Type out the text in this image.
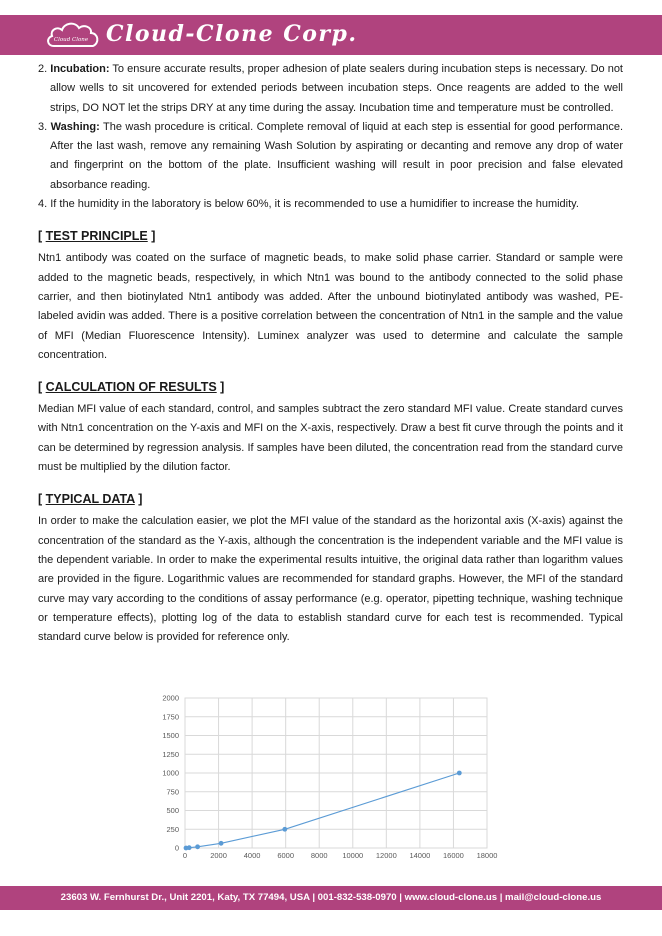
Cloud Clone Cloud-Clone Corp.

2. Incubation: To ensure accurate results, proper adhesion of plate sealers during incubation steps is necessary. Do not allow wells to sit uncovered for extended periods between incubation steps. Once reagents are added to the well strips, DO NOT let the strips DRY at any time during the assay. Incubation time and temperature must be controlled.

3. Washing: The wash procedure is critical. Complete removal of liquid at each step is essential for good performance. After the last wash, remove any remaining Wash Solution by aspirating or decanting and remove any drop of water and fingerprint on the bottom of the plate. Insufficient washing will result in poor precision and false elevated absorbance reading.

4. If the humidity in the laboratory is below 60%, it is recommended to use a humidifier to increase the humidity.

[ TEST PRINCIPLE ]

Ntn1 antibody was coated on the surface of magnetic beads, to make solid phase carrier. Standard or sample were added to the magnetic beads, respectively, in which Ntn1 was bound to the antibody connected to the solid phase carrier, and then biotinylated Ntn1 antibody was added. After the unbound biotinylated antibody was washed, PE-labeled avidin was added. There is a positive correlation between the concentration of Ntn1 in the sample and the value of MFI (Median Fluorescence Intensity). Luminex analyzer was used to determine and calculate the sample concentration.

[ CALCULATION OF RESULTS ]

Median MFI value of each standard, control, and samples subtract the zero standard MFI value. Create standard curves with Ntn1 concentration on the Y-axis and MFI on the X-axis, respectively. Draw a best fit curve through the points and it can be determined by regression analysis. If samples have been diluted, the concentration read from the standard curve must be multiplied by the dilution factor.

[ TYPICAL DATA ]

In order to make the calculation easier, we plot the MFI value of the standard as the horizontal axis (X-axis) against the concentration of the standard as the Y-axis, although the concentration is the independent variable and the MFI value is the dependent variable. In order to make the experimental results intuitive, the original data rather than logarithm values are provided in the figure. Logarithmic values are recommended for standard graphs. However, the MFI of the standard curve may vary according to the conditions of assay performance (e.g. operator, pipetting technique, washing technique or temperature effects), plotting log of the data to establish standard curve for each test is recommended. Typical standard curve below is provided for reference only.

0
250
500
750
1000
1250
1500
1750
2000
0	2000 4000 6000 8000 10000 12000 14000 16000 18000
23603 W. Fernhurst Dr., Unit 2201, Katy, TX 77494, USA | 001-832-538-0970 | www.cloud-clone.us | mail@cloud-clone.us
